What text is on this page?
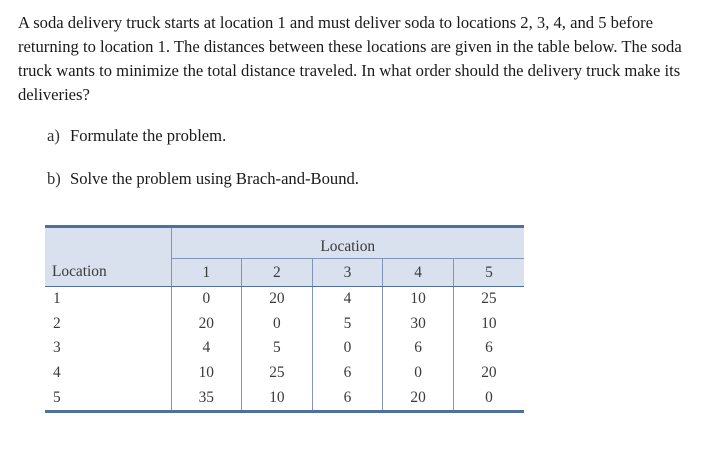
A soda delivery truck starts at location 1 and must deliver soda to locations 2, 3, 4, and 5 before returning to location 1. The distances between these locations are given in the table below. The soda truck wants to minimize the total distance traveled. In what order should the delivery truck make its deliveries?

a) Formulate the problem.
b) Solve the problem using Brach-and-Bound.
	Location				
Location	1	2	3	4	5
1	0	20	4	10	25
2	20	0	5	30	10
3	4	5	0	6	6
4	10	25	6	0	20
5	35	10	6	20	0
